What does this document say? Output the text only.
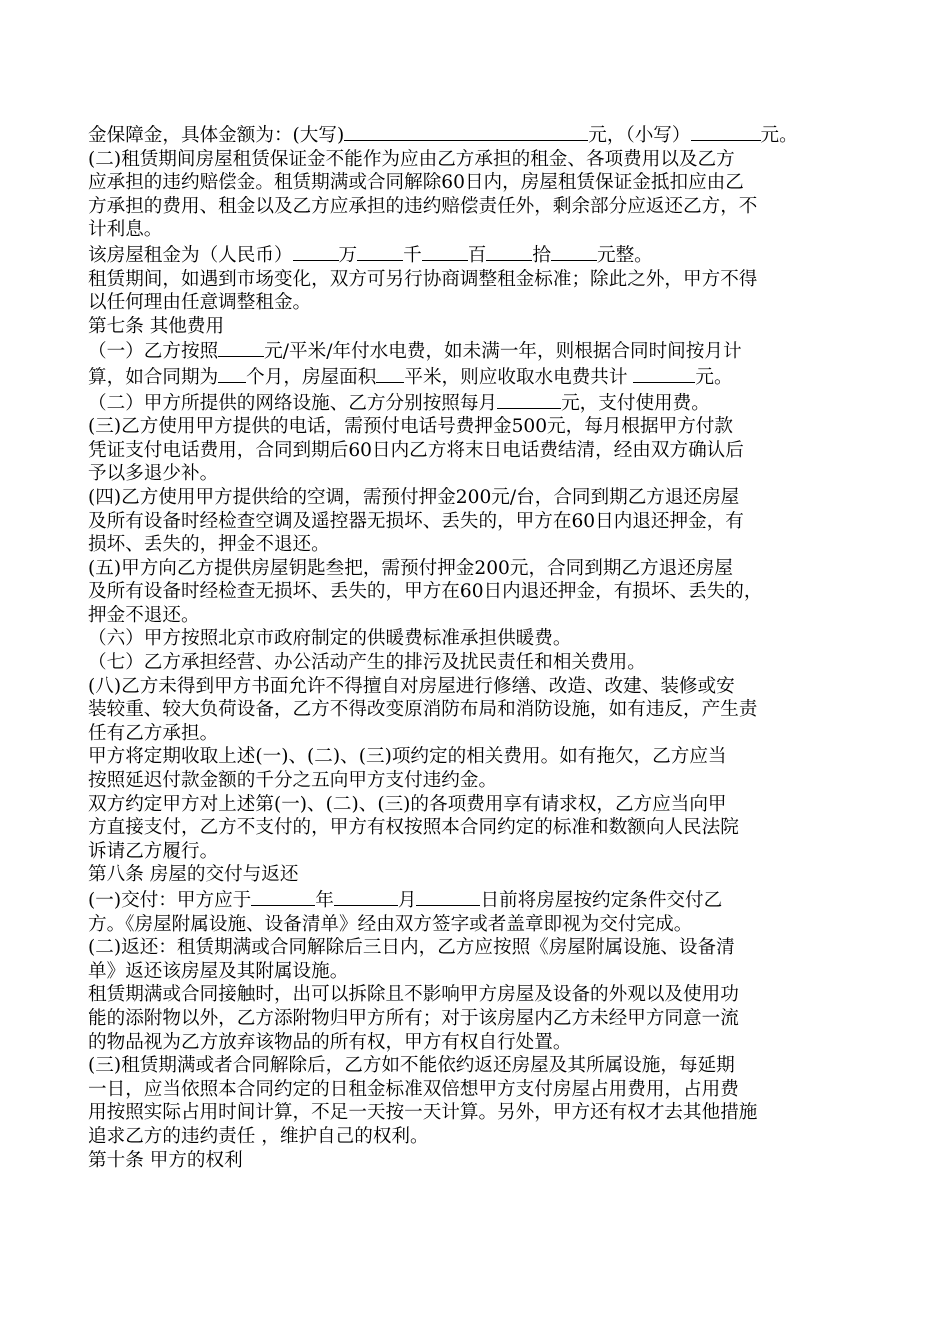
金保障金，具体金额为：(大写)	元，（小写）	元。
(二)租赁期间房屋租赁保证金不能作为应由乙方承担的租金、各项费用以及乙方
应承担的违约赔偿金。租赁期满或合同解除60日内，房屋租赁保证金抵扣应由乙
方承担的费用、租金以及乙方应承担的违约赔偿责任外，剩余部分应返还乙方，不
计利息。
该房屋租金为（人民币） 万 千 百 拾 元整。
租赁期间，如遇到市场变化，双方可另行协商调整租金标准；除此之外，甲方不得
以任何理由任意调整租金。
第七条 其他费用
（一）乙方按照 元/平米/年付水电费，如未满一年，则根据合同时间按月计
算，如合同期为 个月，房屋面积 平米，则应收取水电费共计	元。
（二）甲方所提供的网络设施、乙方分别按照每月	元，支付使用费。
(三)乙方使用甲方提供的电话，需预付电话号费押金500元，每月根据甲方付款
凭证支付电话费用，合同到期后60日内乙方将末日电话费结清，经由双方确认后
予以多退少补。
(四)乙方使用甲方提供给的空调，需预付押金200元/台，合同到期乙方退还房屋
及所有设备时经检查空调及遥控器无损坏、丢失的，甲方在60日内退还押金，有
损坏、丢失的，押金不退还。
(五)甲方向乙方提供房屋钥匙叁把，需预付押金200元，合同到期乙方退还房屋
及所有设备时经检查无损坏、丢失的，甲方在60日内退还押金，有损坏、丢失的，
押金不退还。
（六）甲方按照北京市政府制定的供暖费标准承担供暖费。
（七）乙方承担经营、办公活动产生的排污及扰民责任和相关费用。
(八)乙方未得到甲方书面允许不得擅自对房屋进行修缮、改造、改建、装修或安
装较重、较大负荷设备，乙方不得改变原消防布局和消防设施，如有违反，产生责
任有乙方承担。
甲方将定期收取上述(一)、(二)、(三)项约定的相关费用。如有拖欠，乙方应当
按照延迟付款金额的千分之五向甲方支付违约金。
双方约定甲方对上述第(一)、(二)、(三)的各项费用享有请求权，乙方应当向甲
方直接支付，乙方不支付的，甲方有权按照本合同约定的标准和数额向人民法院
诉请乙方履行。
第八条 房屋的交付与返还
(一)交付：甲方应于	年	月	日前将房屋按约定条件交付乙
方。《房屋附属设施、设备清单》经由双方签字或者盖章即视为交付完成。
(二)返还：租赁期满或合同解除后三日内，乙方应按照《房屋附属设施、设备清
单》返还该房屋及其附属设施。
租赁期满或合同接触时，出可以拆除且不影响甲方房屋及设备的外观以及使用功
能的添附物以外，乙方添附物归甲方所有；对于该房屋内乙方未经甲方同意一流
的物品视为乙方放弃该物品的所有权，甲方有权自行处置。
(三)租赁期满或者合同解除后，乙方如不能依约返还房屋及其所属设施，每延期
一日，应当依照本合同约定的日租金标准双倍想甲方支付房屋占用费用，占用费
用按照实际占用时间计算，不足一天按一天计算。另外，甲方还有权才去其他措施
追求乙方的违约责任 ，维护自己的权利。
第十条 甲方的权利
